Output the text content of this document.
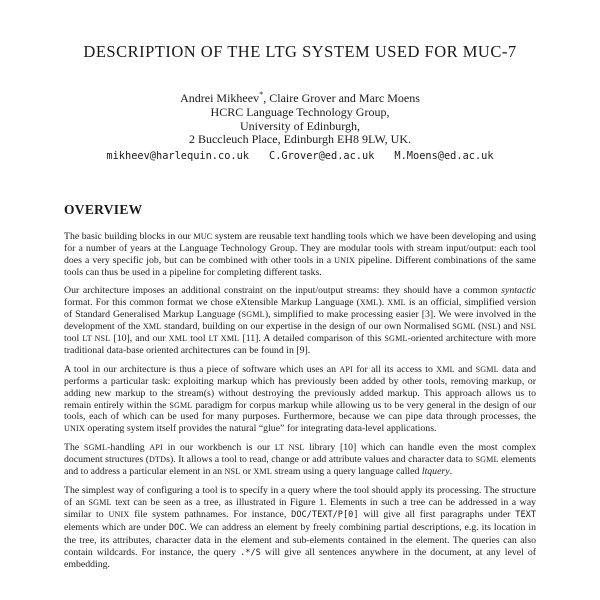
DESCRIPTION OF THE LTG SYSTEM USED FOR MUC-7
Andrei Mikheev*, Claire Grover and Marc Moens
HCRC Language Technology Group,
University of Edinburgh,
2 Buccleuch Place, Edinburgh EH8 9LW, UK.
mikheev@harlequin.co.uk C.Grover@ed.ac.uk M.Moens@ed.ac.uk
OVERVIEW

The basic building blocks in our MUC system are reusable text handling tools which we have been developing and using for a number of years at the Language Technology Group. They are modular tools with stream input/output: each tool does a very specific job, but can be combined with other tools in a UNIX pipeline. Different combinations of the same tools can thus be used in a pipeline for completing different tasks.

Our architecture imposes an additional constraint on the input/output streams: they should have a common syntactic format. For this common format we chose eXtensible Markup Language (XML). XML is an official, simplified version of Standard Generalised Markup Language (SGML), simplified to make processing easier [3]. We were involved in the development of the XML standard, building on our expertise in the design of our own Normalised SGML (NSL) and NSL tool LT NSL [10], and our XML tool LT XML [11]. A detailed comparison of this SGML-oriented architecture with more traditional data-base oriented architectures can be found in [9].

A tool in our architecture is thus a piece of software which uses an API for all its access to XML and SGML data and performs a particular task: exploiting markup which has previously been added by other tools, removing markup, or adding new markup to the stream(s) without destroying the previously added markup. This approach allows us to remain entirely within the SGML paradigm for corpus markup while allowing us to be very general in the design of our tools, each of which can be used for many purposes. Furthermore, because we can pipe data through processes, the UNIX operating system itself provides the natural “glue” for integrating data-level applications.

The SGML-handling API in our workbench is our LT NSL library [10] which can handle even the most complex document structures (DTDs). It allows a tool to read, change or add attribute values and character data to SGML elements and to address a particular element in an NSL or XML stream using a query language called ltquery.

The simplest way of configuring a tool is to specify in a query where the tool should apply its processing. The structure of an SGML text can be seen as a tree, as illustrated in Figure 1. Elements in such a tree can be addressed in a way similar to UNIX file system pathnames. For instance, DOC/TEXT/P[0] will give all first paragraphs under TEXT elements which are under DOC. We can address an element by freely combining partial descriptions, e.g. its location in the tree, its attributes, character data in the element and sub-elements contained in the element. The queries can also contain wildcards. For instance, the query .*/S will give all sentences anywhere in the document, at any level of embedding.
